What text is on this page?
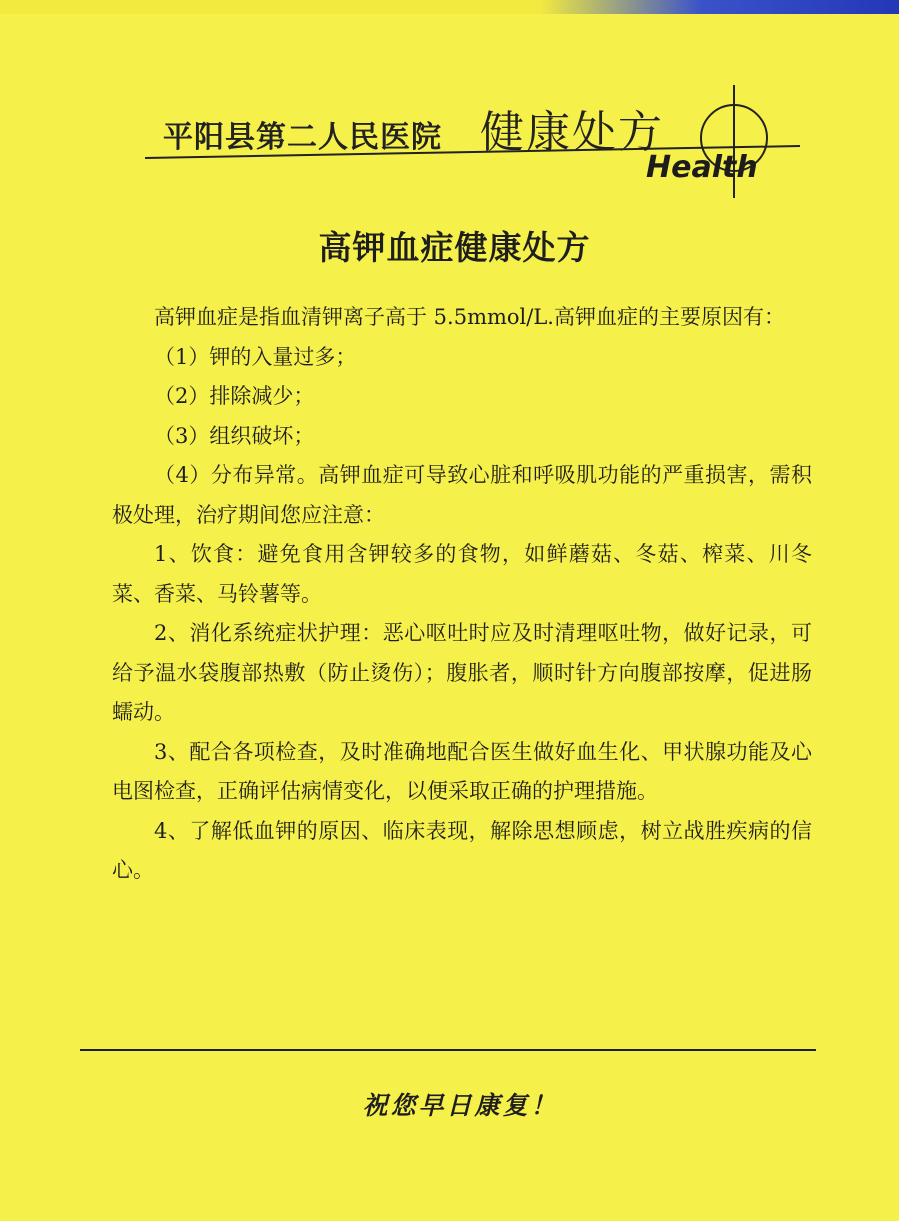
平阳县第二人民医院 健康处方
Health
高钾血症健康处方

高钾血症是指血清钾离子高于 5.5mmol/L.高钾血症的主要原因有：

（1）钾的入量过多；

（2）排除减少；

（3）组织破坏；

（4）分布异常。高钾血症可导致心脏和呼吸肌功能的严重损害，需积极处理，治疗期间您应注意：

1、饮食：避免食用含钾较多的食物，如鲜蘑菇、冬菇、榨菜、川冬菜、香菜、马铃薯等。

2、消化系统症状护理：恶心呕吐时应及时清理呕吐物，做好记录，可给予温水袋腹部热敷（防止烫伤）；腹胀者，顺时针方向腹部按摩，促进肠蠕动。

3、配合各项检查，及时准确地配合医生做好血生化、甲状腺功能及心电图检查，正确评估病情变化，以便采取正确的护理措施。

4、了解低血钾的原因、临床表现，解除思想顾虑，树立战胜疾病的信心。

祝您早日康复！
